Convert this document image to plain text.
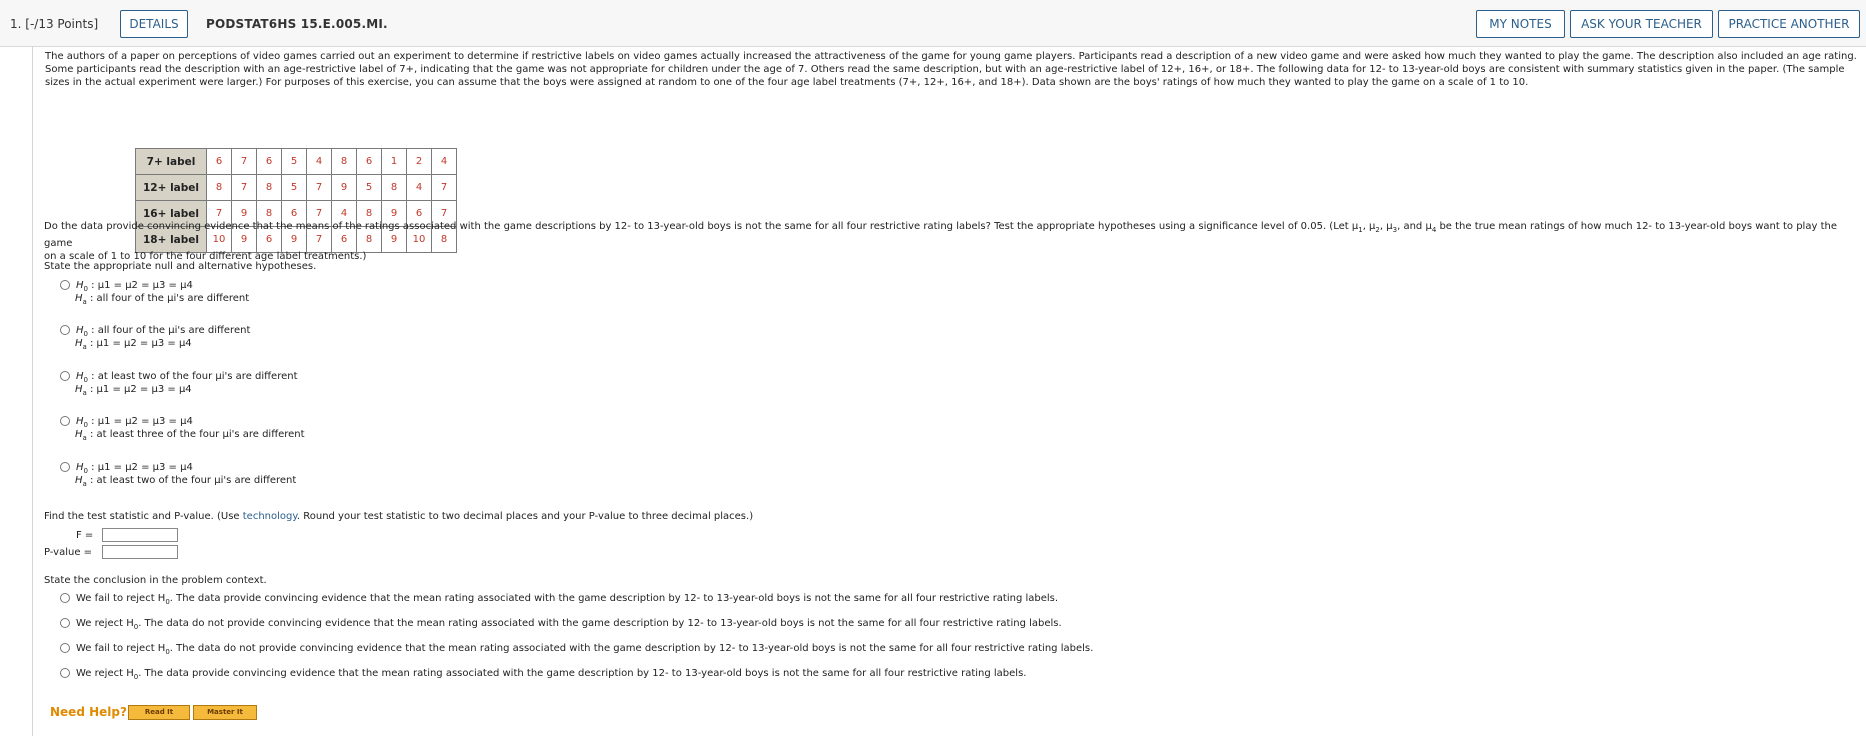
1. [-/13 Points]	DETAILS	PODSTAT6HS 15.E.005.MI.	MY NOTES	ASK YOUR TEACHER	PRACTICE ANOTHER
The authors of a paper on perceptions of video games carried out an experiment to determine if restrictive labels on video games actually increased the attractiveness of the game for young game players. Participants read a description of a new video game and were asked how much they wanted to play the game. The description also included an age rating. Some participants read the description with an age-restrictive label of 7+, indicating that the game was not appropriate for children under the age of 7. Others read the same description, but with an age-restrictive label of 12+, 16+, or 18+. The following data for 12- to 13-year-old boys are consistent with summary statistics given in the paper. (The sample sizes in the actual experiment were larger.) For purposes of this exercise, you can assume that the boys were assigned at random to one of the four age label treatments (7+, 12+, 16+, and 18+). Data shown are the boys' ratings of how much they wanted to play the game on a scale of 1 to 10.
7+ label	6	7	6	5	4	8	6	1	2	4
12+ label	8	7	8	5	7	9	5	8	4	7
16+ label	7	9	8	6	7	4	8	9	6	7
18+ label	10	9	6	9	7	6	8	9	10	8
Do the data provide convincing evidence that the means of the ratings associated with the game descriptions by 12- to 13-year-old boys is not the same for all four restrictive rating labels? Test the appropriate hypotheses using a significance level of 0.05. (Let $\mu_1$, $\mu_2$, $\mu_3$, and $\mu_4$ be the true mean ratings of how much 12- to 13-year-old boys want to play the game
on a scale of 1 to 10 for the four different age label treatments.)
State the appropriate null and alternative hypotheses.
$H_0$ : μ1 = μ2 = μ3 = μ4
$H_a$ : all four of the μi's are different
$H_0$ : all four of the μi's are different
$H_a$ : μ1 = μ2 = μ3 = μ4
$H_0$ : at least two of the four μi's are different
$H_a$ : μ1 = μ2 = μ3 = μ4
$H_0$ : μ1 = μ2 = μ3 = μ4
$H_a$ : at least three of the four μi's are different
$H_0$ : μ1 = μ2 = μ3 = μ4
$H_a$ : at least two of the four μi's are different
Find the test statistic and P-value. (Use technology. Round your test statistic to two decimal places and your P-value to three decimal places.)
F =
P-value =
State the conclusion in the problem context.
We fail to reject $H_0$. The data provide convincing evidence that the mean rating associated with the game description by 12- to 13-year-old boys is not the same for all four restrictive rating labels.
We reject $H_0$. The data do not provide convincing evidence that the mean rating associated with the game description by 12- to 13-year-old boys is not the same for all four restrictive rating labels.
We fail to reject $H_0$. The data do not provide convincing evidence that the mean rating associated with the game description by 12- to 13-year-old boys is not the same for all four restrictive rating labels.
We reject $H_0$. The data provide convincing evidence that the mean rating associated with the game description by 12- to 13-year-old boys is not the same for all four restrictive rating labels.
Need Help?	Read It	Master It
